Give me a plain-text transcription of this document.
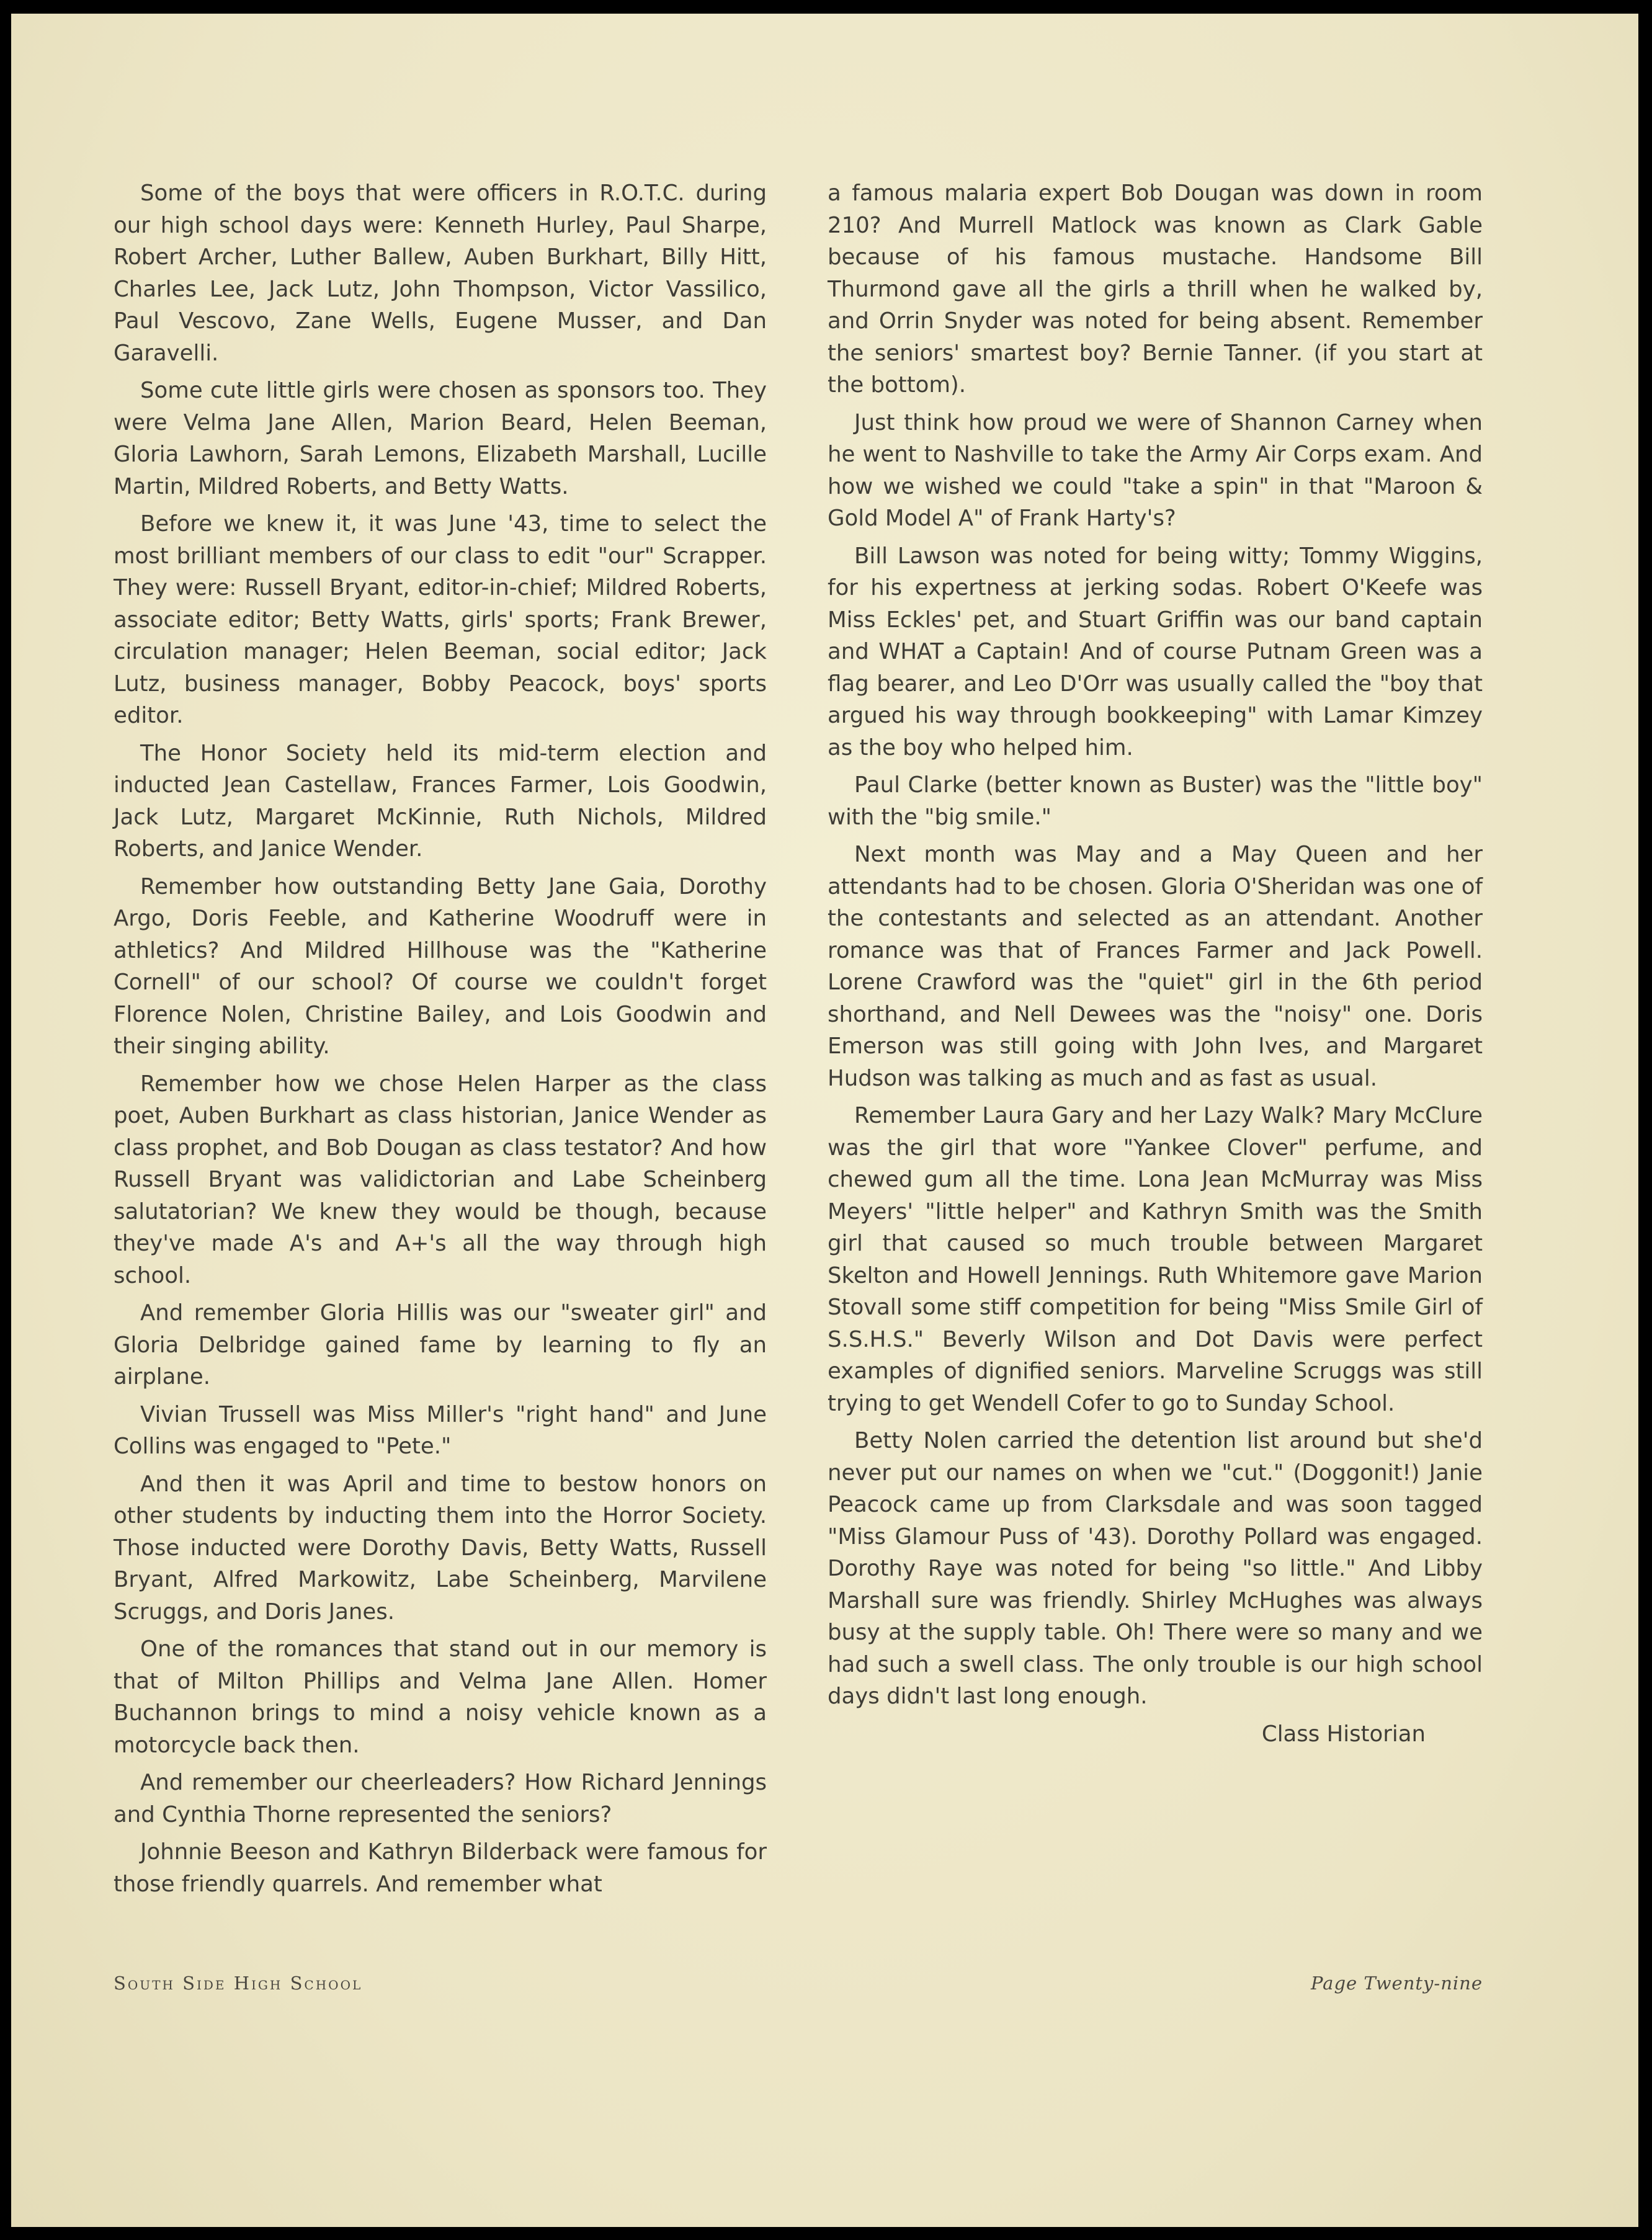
Some of the boys that were officers in R.O.T.C. during our high school days were: Kenneth Hurley, Paul Sharpe, Robert Archer, Luther Ballew, Auben Burkhart, Billy Hitt, Charles Lee, Jack Lutz, John Thompson, Victor Vassilico, Paul Vescovo, Zane Wells, Eugene Musser, and Dan Garavelli.

Some cute little girls were chosen as sponsors too. They were Velma Jane Allen, Marion Beard, Helen Beeman, Gloria Lawhorn, Sarah Lemons, Elizabeth Marshall, Lucille Martin, Mildred Roberts, and Betty Watts.

Before we knew it, it was June '43, time to select the most brilliant members of our class to edit "our" Scrapper. They were: Russell Bryant, editor-in-chief; Mildred Roberts, associate editor; Betty Watts, girls' sports; Frank Brewer, circulation manager; Helen Beeman, social editor; Jack Lutz, business manager, Bobby Peacock, boys' sports editor.

The Honor Society held its mid-term election and inducted Jean Castellaw, Frances Farmer, Lois Goodwin, Jack Lutz, Margaret McKinnie, Ruth Nichols, Mildred Roberts, and Janice Wender.

Remember how outstanding Betty Jane Gaia, Dorothy Argo, Doris Feeble, and Katherine Woodruff were in athletics? And Mildred Hillhouse was the "Katherine Cornell" of our school? Of course we couldn't forget Florence Nolen, Christine Bailey, and Lois Goodwin and their singing ability.

Remember how we chose Helen Harper as the class poet, Auben Burkhart as class historian, Janice Wender as class prophet, and Bob Dougan as class testator? And how Russell Bryant was validictorian and Labe Scheinberg salutatorian? We knew they would be though, because they've made A's and A+'s all the way through high school.

And remember Gloria Hillis was our "sweater girl" and Gloria Delbridge gained fame by learning to fly an airplane.

Vivian Trussell was Miss Miller's "right hand" and June Collins was engaged to "Pete."

And then it was April and time to bestow honors on other students by inducting them into the Horror Society. Those inducted were Dorothy Davis, Betty Watts, Russell Bryant, Alfred Markowitz, Labe Scheinberg, Marvilene Scruggs, and Doris Janes.

One of the romances that stand out in our memory is that of Milton Phillips and Velma Jane Allen. Homer Buchannon brings to mind a noisy vehicle known as a motorcycle back then.

And remember our cheerleaders? How Richard Jennings and Cynthia Thorne represented the seniors?

Johnnie Beeson and Kathryn Bilderback were famous for those friendly quarrels. And remember what

a famous malaria expert Bob Dougan was down in room 210? And Murrell Matlock was known as Clark Gable because of his famous mustache. Handsome Bill Thurmond gave all the girls a thrill when he walked by, and Orrin Snyder was noted for being absent. Remember the seniors' smartest boy? Bernie Tanner. (if you start at the bottom).

Just think how proud we were of Shannon Carney when he went to Nashville to take the Army Air Corps exam. And how we wished we could "take a spin" in that "Maroon & Gold Model A" of Frank Harty's?

Bill Lawson was noted for being witty; Tommy Wiggins, for his expertness at jerking sodas. Robert O'Keefe was Miss Eckles' pet, and Stuart Griffin was our band captain and WHAT a Captain! And of course Putnam Green was a flag bearer, and Leo D'Orr was usually called the "boy that argued his way through bookkeeping" with Lamar Kimzey as the boy who helped him.

Paul Clarke (better known as Buster) was the "little boy" with the "big smile."

Next month was May and a May Queen and her attendants had to be chosen. Gloria O'Sheridan was one of the contestants and selected as an attendant. Another romance was that of Frances Farmer and Jack Powell. Lorene Crawford was the "quiet" girl in the 6th period shorthand, and Nell Dewees was the "noisy" one. Doris Emerson was still going with John Ives, and Margaret Hudson was talking as much and as fast as usual.

Remember Laura Gary and her Lazy Walk? Mary McClure was the girl that wore "Yankee Clover" perfume, and chewed gum all the time. Lona Jean McMurray was Miss Meyers' "little helper" and Kathryn Smith was the Smith girl that caused so much trouble between Margaret Skelton and Howell Jennings. Ruth Whitemore gave Marion Stovall some stiff competition for being "Miss Smile Girl of S.S.H.S." Beverly Wilson and Dot Davis were perfect examples of dignified seniors. Marveline Scruggs was still trying to get Wendell Cofer to go to Sunday School.

Betty Nolen carried the detention list around but she'd never put our names on when we "cut." (Doggonit!) Janie Peacock came up from Clarksdale and was soon tagged "Miss Glamour Puss of '43). Dorothy Pollard was engaged. Dorothy Raye was noted for being "so little." And Libby Marshall sure was friendly. Shirley McHughes was always busy at the supply table. Oh! There were so many and we had such a swell class. The only trouble is our high school days didn't last long enough.

Class Historian

South Side High School	Page Twenty-nine
